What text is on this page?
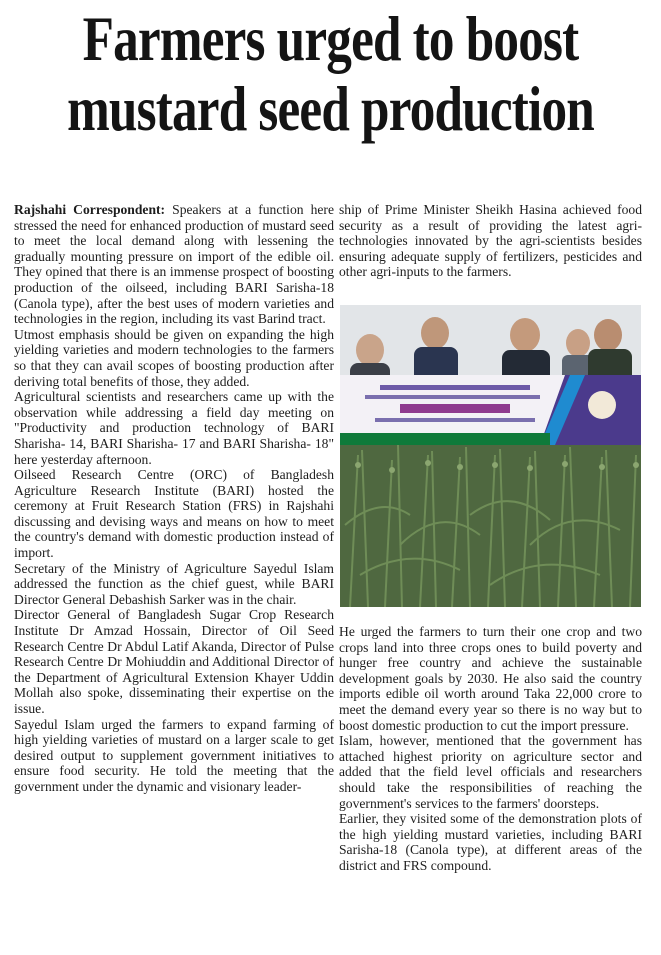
Farmers urged to boost
mustard seed production

Rajshahi Correspondent: Speakers at a function here stressed the need for enhanced production of mustard seed to meet the local demand along with lessening the gradually mounting pressure on import of the edible oil. They opined that there is an immense prospect of boosting production of the oilseed, including BARI Sarisha-18 (Canola type), after the best uses of modern varieties and technologies in the region, including its vast Barind tract.

Utmost emphasis should be given on expanding the high yielding varieties and modern technologies to the farmers so that they can avail scopes of boosting production after deriving total benefits of those, they added.

Agricultural scientists and researchers came up with the observation while addressing a field day meeting on "Productivity and production technology of BARI Sharisha- 14, BARI Sharisha- 17 and BARI Sharisha- 18" here yesterday afternoon.

Oilseed Research Centre (ORC) of Bangladesh Agriculture Research Institute (BARI) hosted the ceremony at Fruit Research Station (FRS) in Rajshahi discussing and devising ways and means on how to meet the country's demand with domestic production instead of import.

Secretary of the Ministry of Agriculture Sayedul Islam addressed the function as the chief guest, while BARI Director General Debashish Sarker was in the chair.

Director General of Bangladesh Sugar Crop Research Institute Dr Amzad Hossain, Director of Oil Seed Research Centre Dr Abdul Latif Akanda, Director of Pulse Research Centre Dr Mohiuddin and Additional Director of the Department of Agricultural Extension Khayer Uddin Mollah also spoke, disseminating their expertise on the issue.

Sayedul Islam urged the farmers to expand farming of high yielding varieties of mustard on a larger scale to get desired output to supplement government initiatives to ensure food security. He told the meeting that the government under the dynamic and visionary leader-

ship of Prime Minister Sheikh Hasina achieved food security as a result of providing the latest agri-technologies innovated by the agri-scientists besides ensuring adequate supply of fertilizers, pesticides and other agri-inputs to the farmers.

He urged the farmers to turn their one crop and two crops land into three crops ones to build poverty and hunger free country and achieve the sustainable development goals by 2030. He also said the country imports edible oil worth around Taka 22,000 crore to meet the demand every year so there is no way but to boost domestic production to cut the import pressure.

Islam, however, mentioned that the government has attached highest priority on agriculture sector and added that the field level officials and researchers should take the responsibilities of reaching the government's services to the farmers' doorsteps.

Earlier, they visited some of the demonstration plots of the high yielding mustard varieties, including BARI Sarisha-18 (Canola type), at different areas of the district and FRS compound.
